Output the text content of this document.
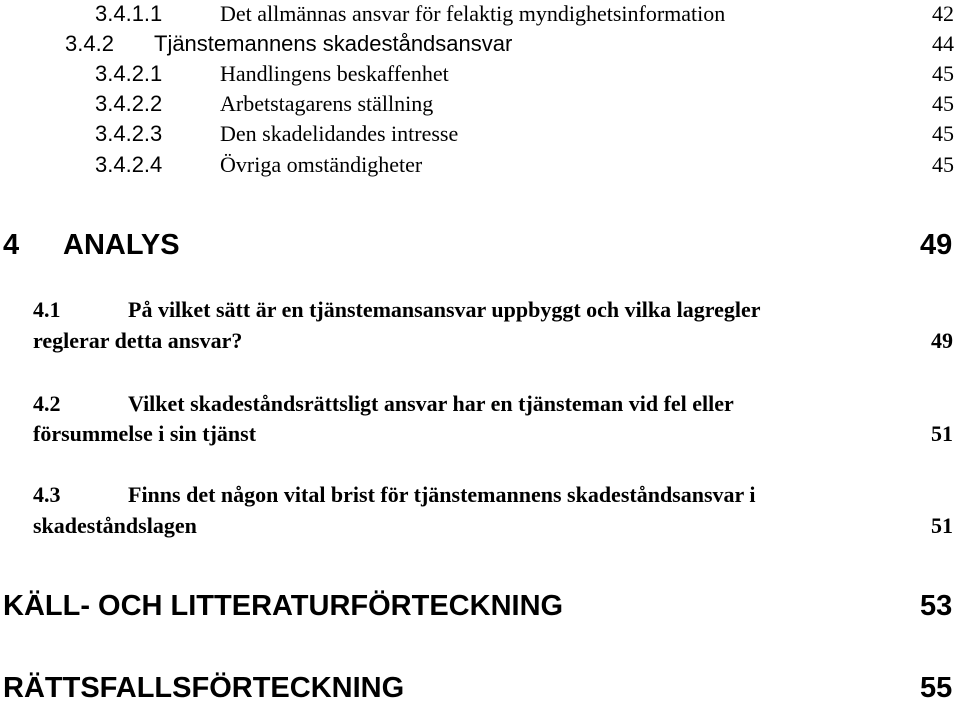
3.4.1.1	Det allmännas ansvar för felaktig myndighetsinformation	42
3.4.2 Tjänstemannens skadeståndsansvar	44
3.4.2.1	Handlingens beskaffenhet	45
3.4.2.2	Arbetstagarens ställning	45
3.4.2.3	Den skadelidandes intresse	45
3.4.2.4	Övriga omständigheter	45
4 ANALYS	49
4.1	På vilket sätt är en tjänstemansansvar uppbyggt och vilka lagregler
reglerar detta ansvar?	49
4.2	Vilket skadeståndsrättsligt ansvar har en tjänsteman vid fel eller
försummelse i sin tjänst	51
4.3	Finns det någon vital brist för tjänstemannens skadeståndsansvar i
skadeståndslagen	51
KÄLL- OCH LITTERATURFÖRTECKNING	53
RÄTTSFALLSFÖRTECKNING	55
